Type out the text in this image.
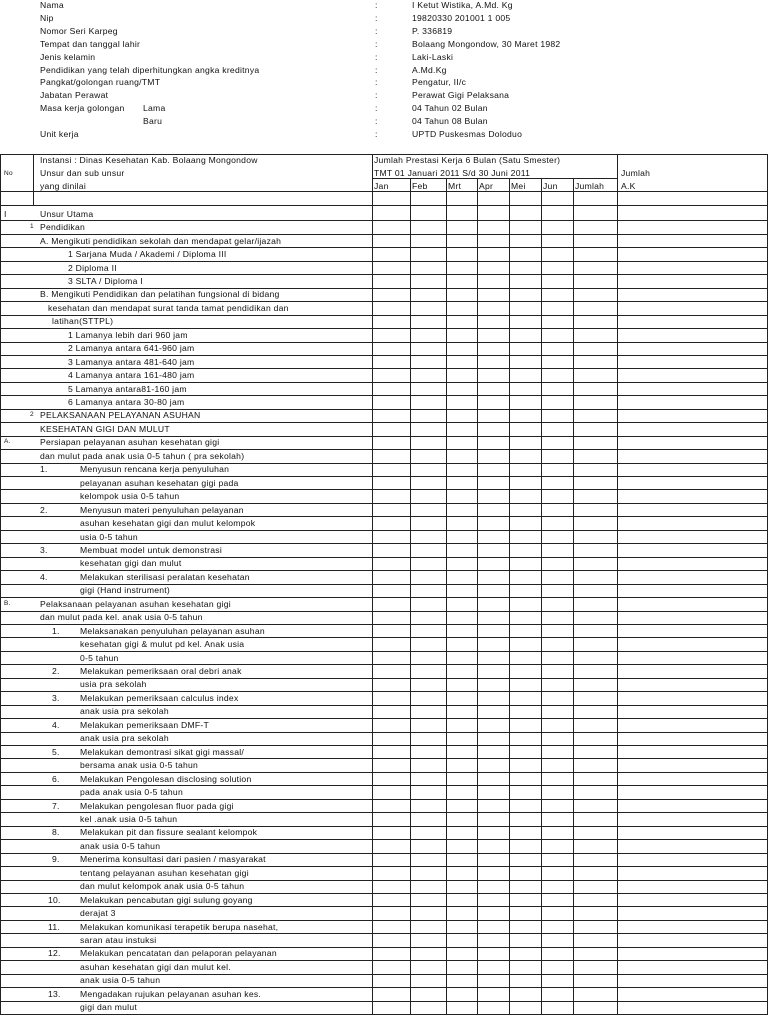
Nama	:	I Ketut Wistika, A.Md. Kg
Nip	:	19820330 201001 1 005
Nomor Seri Karpeg	:	P. 336819
Tempat dan tanggal lahir	:	Bolaang Mongondow, 30 Maret 1982
Jenis kelamin	:	Laki-Laski
Pendidikan yang telah diperhitungkan angka kreditnya	:	A.Md.Kg
Pangkat/golongan ruang/TMT	:	Pengatur, II/c
Jabatan Perawat	:	Perawat Gigi Pelaksana
Masa kerja golongan Lama	:	04 Tahun 02 Bulan
Baru	:	04 Tahun 08 Bulan
Unit kerja	:	UPTD Puskesmas Doloduo
Instansi : Dinas Kesehatan Kab. Bolaang Mongondow
No	Unsur dan sub unsur
yang dinilai
Jumlah Prestasi Kerja 6 Bulan (Satu Smester)
TMT 01 Januari 2011 S/d 30 Juni 2011	Jumlah
A.K
Jan	Feb Mrt Apr Mei Jun Jumlah
I	Unsur Utama
1 Pendidikan
A. Mengikuti pendidikan sekolah dan mendapat gelar/ijazah
1 Sarjana Muda / Akademi / Diploma III
2 Diploma II
3 SLTA / Diploma I
B. Mengikuti Pendidikan dan pelatihan fungsional di bidang
kesehatan dan mendapat surat tanda tamat pendidikan dan
latihan(STTPL)
1 Lamanya lebih dari 960 jam
2 Lamanya antara 641-960 jam
3 Lamanya antara 481-640 jam
4 Lamanya antara 161-480 jam
5 Lamanya antara81-160 jam
6 Lamanya antara 30-80 jam
2 PELAKSANAAN PELAYANAN ASUHAN
KESEHATAN GIGI DAN MULUT
A.	Persiapan pelayanan asuhan kesehatan gigi
dan mulut pada anak usia 0-5 tahun ( pra sekolah)
1.	Menyusun rencana kerja penyuluhan
pelayanan asuhan kesehatan gigi pada
kelompok usia 0-5 tahun
2.	Menyusun materi penyuluhan pelayanan
asuhan kesehatan gigi dan mulut kelompok
usia 0-5 tahun
3.	Membuat model untuk demonstrasi
kesehatan gigi dan mulut
4.	Melakukan sterilisasi peralatan kesehatan
gigi (Hand instrument)
B.	Pelaksanaan pelayanan asuhan kesehatan gigi
dan mulut pada kel. anak usia 0-5 tahun
1. Melaksanakan penyuluhan pelayanan asuhan
kesehatan gigi & mulut pd kel. Anak usia
0-5 tahun
2. Melakukan pemeriksaan oral debri anak
usia pra sekolah
3. Melakukan pemeriksaan calculus index
anak usia pra sekolah
4. Melakukan pemeriksaan DMF-T
anak usia pra sekolah
5. Melakukan demontrasi sikat gigi massal/
bersama anak usia 0-5 tahun
6. Melakukan Pengolesan disclosing solution
pada anak usia 0-5 tahun
7. Melakukan pengolesan fluor pada gigi
kel .anak usia 0-5 tahun
8. Melakukan pit dan fissure sealant kelompok
anak usia 0-5 tahun
9. Menerima konsultasi dari pasien / masyarakat
tentang pelayanan asuhan kesehatan gigi
dan mulut kelompok anak usia 0-5 tahun
10. Melakukan pencabutan gigi sulung goyang
derajat 3
11. Melakukan komunikasi terapetik berupa nasehat,
saran atau instuksi
12. Melakukan pencatatan dan pelaporan pelayanan
asuhan kesehatan gigi dan mulut kel.
anak usia 0-5 tahun
13. Mengadakan rujukan pelayanan asuhan kes.
gigi dan mulut
